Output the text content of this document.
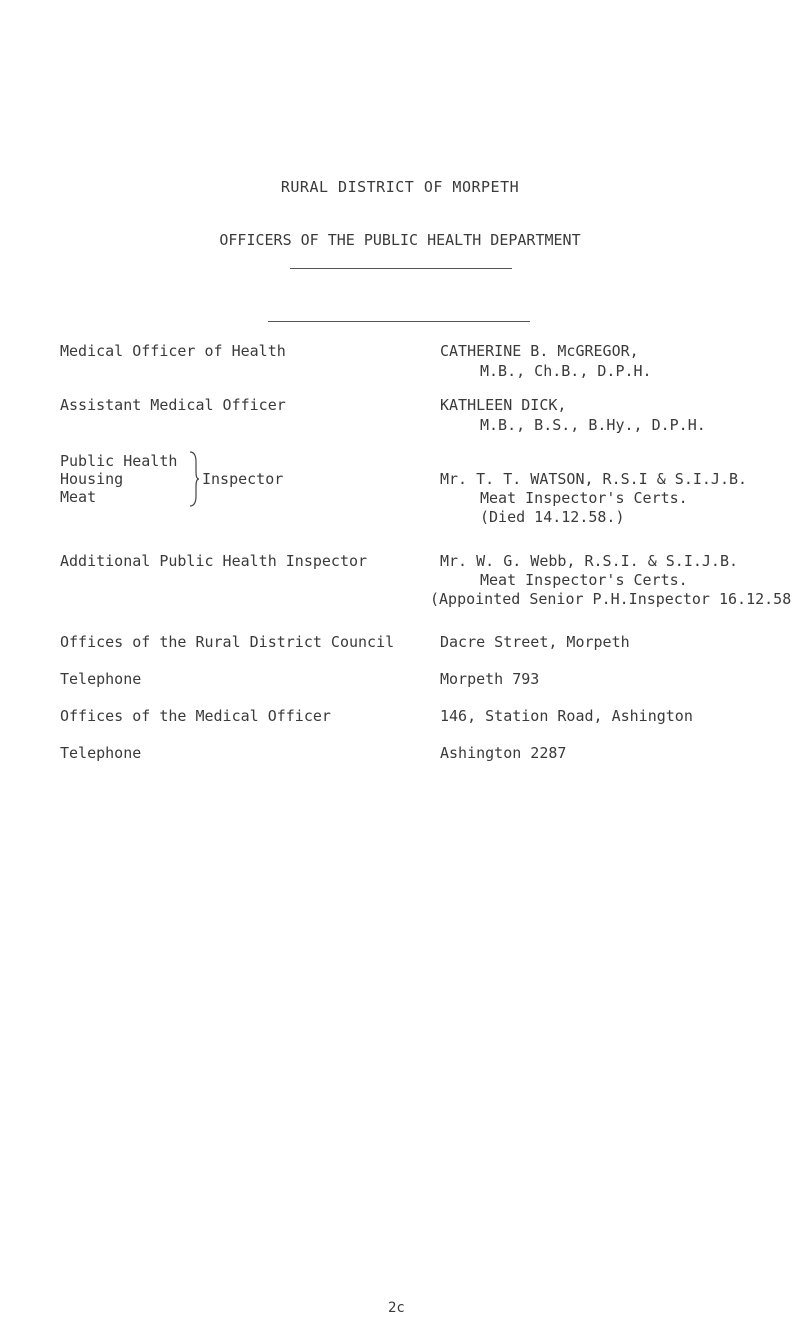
RURAL DISTRICT OF MORPETH
OFFICERS OF THE PUBLIC HEALTH DEPARTMENT
Medical Officer of Health	CATHERINE B. McGREGOR,
M.B., Ch.B., D.P.H.
Assistant Medical Officer	KATHLEEN DICK,
M.B., B.S., B.Hy., D.P.H.
Public Health
Housing
Meat
Inspector	Mr. T. T. WATSON, R.S.I & S.I.J.B.
Meat Inspector's Certs.
(Died 14.12.58.)
Additional Public Health Inspector	Mr. W. G. Webb, R.S.I. & S.I.J.B.
Meat Inspector's Certs.
(Appointed Senior P.H.Inspector 16.12.58
Offices of the Rural District Council	Dacre Street, Morpeth
Telephone	Morpeth 793
Offices of the Medical Officer	146, Station Road, Ashington
Telephone	Ashington 2287
2c
